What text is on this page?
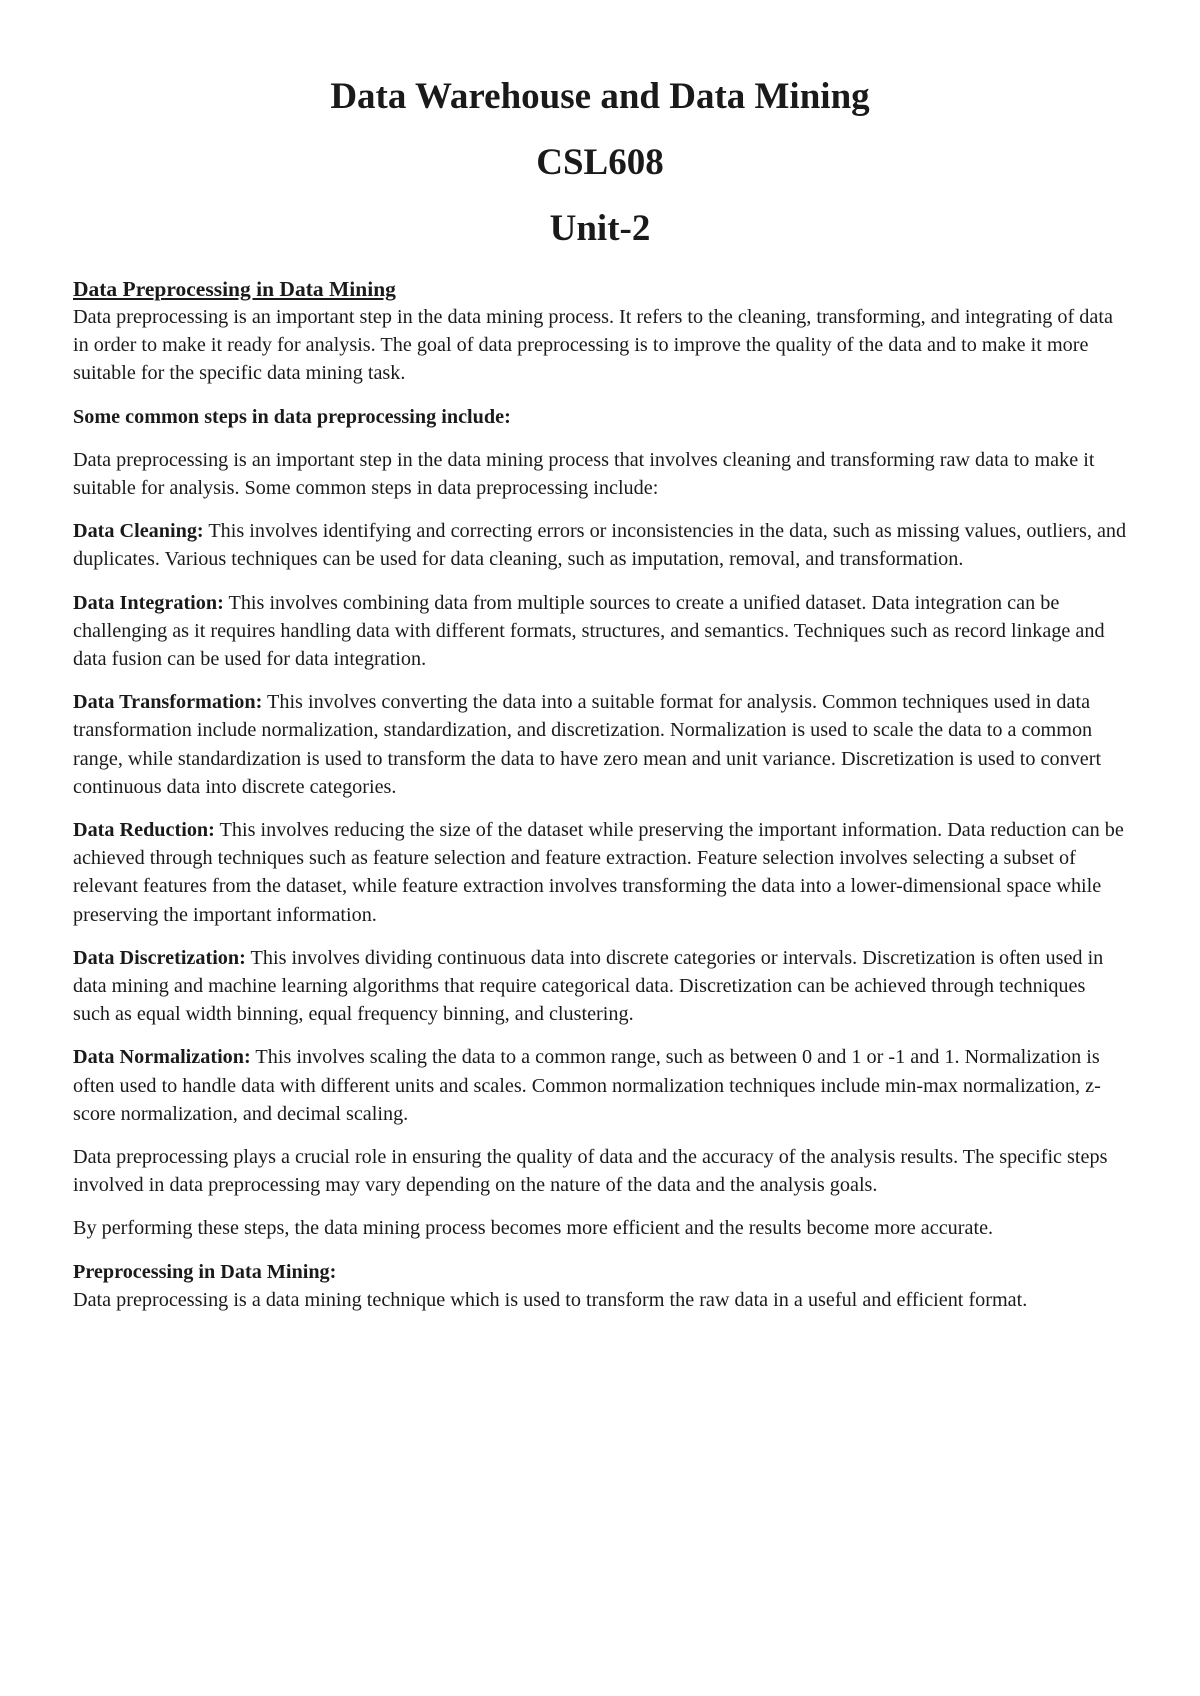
Data Warehouse and Data Mining
CSL608
Unit-2
Data Preprocessing in Data Mining

Data preprocessing is an important step in the data mining process. It refers to the cleaning, transforming, and integrating of data in order to make it ready for analysis. The goal of data preprocessing is to improve the quality of the data and to make it more suitable for the specific data mining task.

Some common steps in data preprocessing include:

Data preprocessing is an important step in the data mining process that involves cleaning and transforming raw data to make it suitable for analysis. Some common steps in data preprocessing include:

Data Cleaning: This involves identifying and correcting errors or inconsistencies in the data, such as missing values, outliers, and duplicates. Various techniques can be used for data cleaning, such as imputation, removal, and transformation.

Data Integration: This involves combining data from multiple sources to create a unified dataset. Data integration can be challenging as it requires handling data with different formats, structures, and semantics. Techniques such as record linkage and data fusion can be used for data integration.

Data Transformation: This involves converting the data into a suitable format for analysis. Common techniques used in data transformation include normalization, standardization, and discretization. Normalization is used to scale the data to a common range, while standardization is used to transform the data to have zero mean and unit variance. Discretization is used to convert continuous data into discrete categories.

Data Reduction: This involves reducing the size of the dataset while preserving the important information. Data reduction can be achieved through techniques such as feature selection and feature extraction. Feature selection involves selecting a subset of relevant features from the dataset, while feature extraction involves transforming the data into a lower-dimensional space while preserving the important information.

Data Discretization: This involves dividing continuous data into discrete categories or intervals. Discretization is often used in data mining and machine learning algorithms that require categorical data. Discretization can be achieved through techniques such as equal width binning, equal frequency binning, and clustering.

Data Normalization: This involves scaling the data to a common range, such as between 0 and 1 or -1 and 1. Normalization is often used to handle data with different units and scales. Common normalization techniques include min-max normalization, z-score normalization, and decimal scaling.

Data preprocessing plays a crucial role in ensuring the quality of data and the accuracy of the analysis results. The specific steps involved in data preprocessing may vary depending on the nature of the data and the analysis goals.

By performing these steps, the data mining process becomes more efficient and the results become more accurate.

Preprocessing in Data Mining:

Data preprocessing is a data mining technique which is used to transform the raw data in a useful and efficient format.
